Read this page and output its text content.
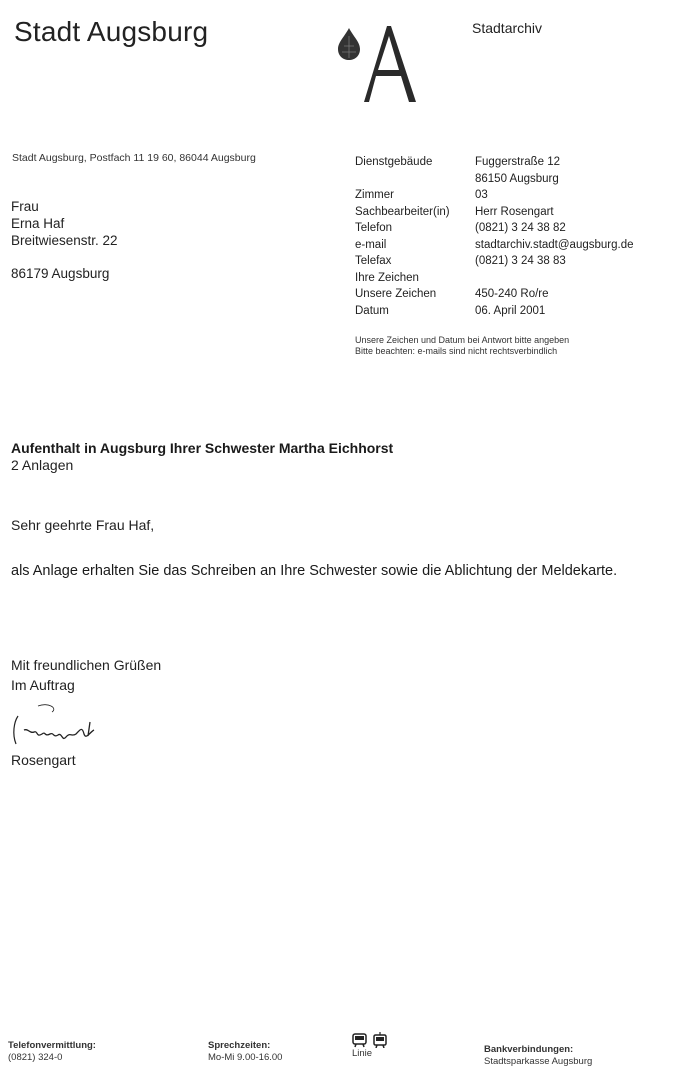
Stadt Augsburg	Stadtarchiv
Stadt Augsburg, Postfach 11 19 60, 86044 Augsburg
Frau
Erna Haf
Breitwiesenstr. 22
86179 Augsburg
Dienstgebäude	Fuggerstraße 12
86150 Augsburg
Zimmer	03
Sachbearbeiter(in)	Herr Rosengart
Telefon	(0821) 3 24 38 82
e-mail	stadtarchiv.stadt@augsburg.de
Telefax	(0821) 3 24 38 83
Ihre Zeichen
Unsere Zeichen	450-240 Ro/re
Datum	06. April 2001
Unsere Zeichen und Datum bei Antwort bitte angeben
Bitte beachten: e-mails sind nicht rechtsverbindlich
Aufenthalt in Augsburg Ihrer Schwester Martha Eichhorst
2 Anlagen
Sehr geehrte Frau Haf,
als Anlage erhalten Sie das Schreiben an Ihre Schwester sowie die Ablichtung der Meldekarte.
Mit freundlichen Grüßen
Im Auftrag
Rosengart
Telefonvermittlung:
(0821) 324-0
Sprechzeiten:
Mo-Mi 9.00-16.00	Linie	Bankverbindungen:
Stadtsparkasse Augsburg
